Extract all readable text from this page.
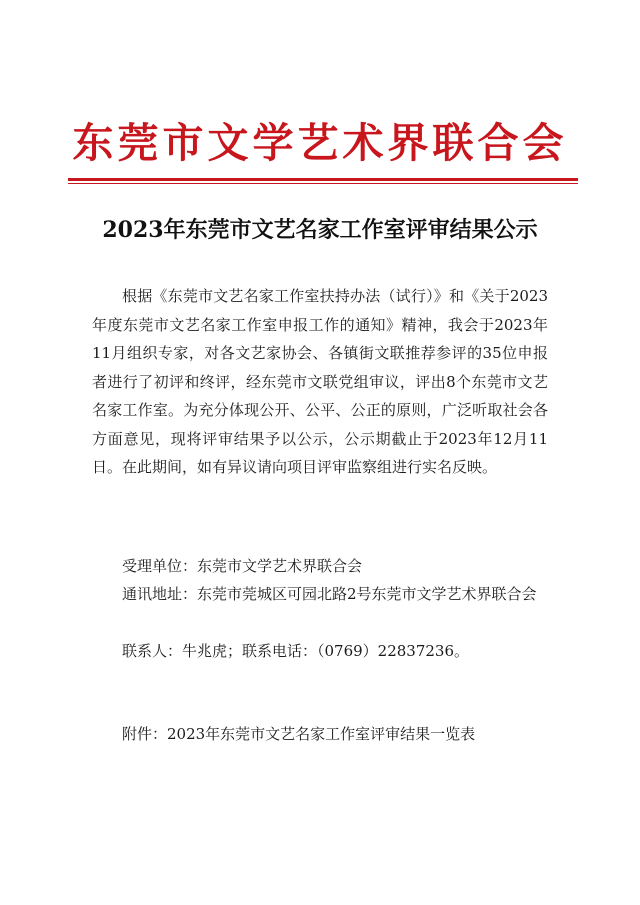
东莞市文学艺术界联合会
2023年东莞市文艺名家工作室评审结果公示
根据《东莞市文艺名家工作室扶持办法（试行）》和《关于2023年度东莞市文艺名家工作室申报工作的通知》精神，我会于2023年11月组织专家，对各文艺家协会、各镇街文联推荐参评的35位申报者进行了初评和终评，经东莞市文联党组审议，评出8个东莞市文艺名家工作室。为充分体现公开、公平、公正的原则，广泛听取社会各方面意见，现将评审结果予以公示，公示期截止于2023年12月11日。在此期间，如有异议请向项目评审监察组进行实名反映。
受理单位：东莞市文学艺术界联合会
通讯地址：东莞市莞城区可园北路2号东莞市文学艺术界联合会
联系人：牛兆虎；联系电话：（0769）22837236。
附件：2023年东莞市文艺名家工作室评审结果一览表
